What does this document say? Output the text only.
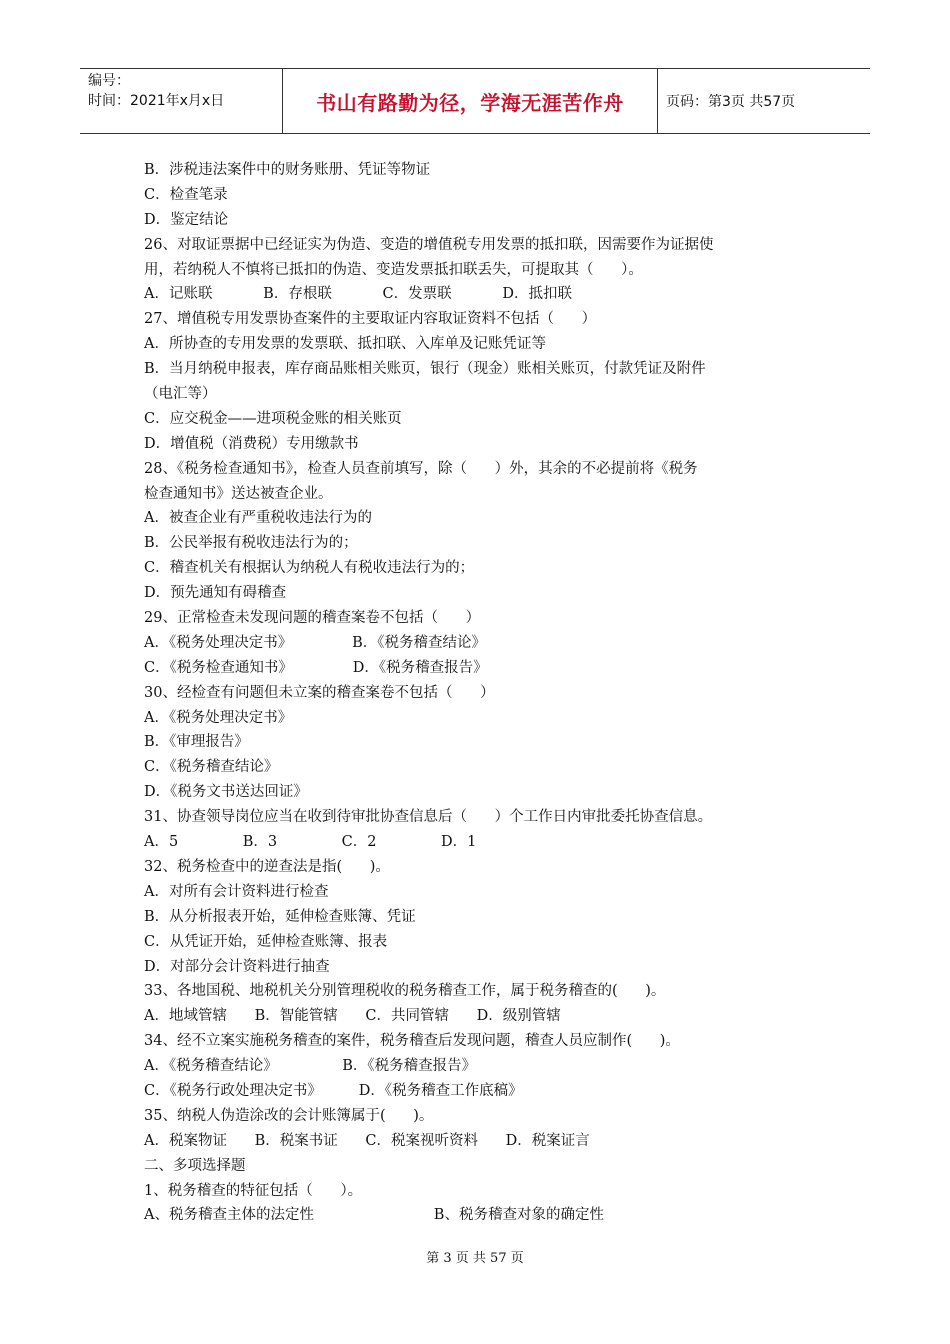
编号：
时间：2021年x月x日	书山有路勤为径，学海无涯苦作舟	页码：第3页 共57页
B．涉税违法案件中的财务账册、凭证等物证
C．检查笔录
D．鉴定结论
26、对取证票据中已经证实为伪造、变造的增值税专用发票的抵扣联，因需要作为证据使
用，若纳税人不慎将已抵扣的伪造、变造发票抵扣联丢失，可提取其（      ）。
A．记账联           B．存根联           C．发票联           D．抵扣联
27、增值税专用发票协查案件的主要取证内容取证资料不包括（      ）
A．所协查的专用发票的发票联、抵扣联、入库单及记账凭证等
B．当月纳税申报表，库存商品账相关账页，银行（现金）账相关账页，付款凭证及附件
（电汇等）
C．应交税金——进项税金账的相关账页
D．增值税（消费税）专用缴款书
28、《税务检查通知书》，检查人员查前填写，除（      ）外，其余的不必提前将《税务
检查通知书》送达被查企业。
A．被查企业有严重税收违法行为的
B．公民举报有税收违法行为的；
C．稽查机关有根据认为纳税人有税收违法行为的；
D．预先通知有碍稽查
29、正常检查未发现问题的稽查案卷不包括（      ）
A．《税务处理决定书》             B．《税务稽查结论》
C．《税务检查通知书》             D．《税务稽查报告》
30、经检查有问题但未立案的稽查案卷不包括（      ）
A．《税务处理决定书》
B．《审理报告》
C．《税务稽查结论》
D．《税务文书送达回证》
31、协查领导岗位应当在收到待审批协查信息后（      ）个工作日内审批委托协查信息。
A．5              B．3              C．2              D．1
32、税务检查中的逆查法是指(      )。
A．对所有会计资料进行检查
B．从分析报表开始，延伸检查账簿、凭证
C．从凭证开始，延伸检查账簿、报表
D．对部分会计资料进行抽查
33、各地国税、地税机关分别管理税收的税务稽查工作，属于税务稽查的(      )。
A．地域管辖      B．智能管辖      C．共同管辖      D．级别管辖
34、经不立案实施税务稽查的案件，税务稽查后发现问题，稽查人员应制作(      )。
A．《税务稽查结论》              B．《税务稽查报告》
C．《税务行政处理决定书》        D．《税务稽查工作底稿》
35、纳税人伪造涂改的会计账簿属于(      )。
A．税案物证      B．税案书证      C．税案视听资料      D．税案证言
二、多项选择题
1、税务稽查的特征包括（      ）。
A、税务稽查主体的法定性                          B、税务稽查对象的确定性
第 3 页 共 57 页
